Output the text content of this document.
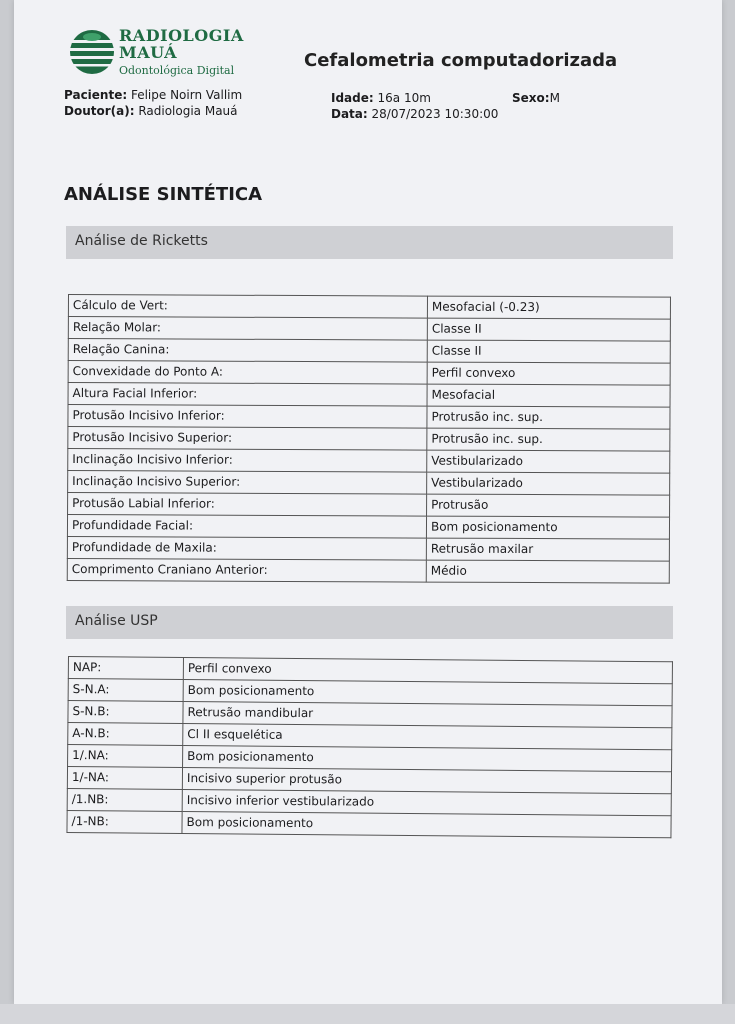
RADIOLOGIA
MAUÁ
Odontológica Digital	Cefalometria computadorizada
Paciente: Felipe Noirn Vallim
Doutor(a): Radiologia Mauá
Idade: 16a 10m
Data: 28/07/2023 10:30:00
Sexo:M
ANÁLISE SINTÉTICA
Análise de Ricketts
Cálculo de Vert:	Mesofacial (-0.23)
Relação Molar:	Classe II
Relação Canina:	Classe II
Convexidade do Ponto A:	Perfil convexo
Altura Facial Inferior:	Mesofacial
Protusão Incisivo Inferior:	Protrusão inc. sup.
Protusão Incisivo Superior:	Protrusão inc. sup.
Inclinação Incisivo Inferior:	Vestibularizado
Inclinação Incisivo Superior:	Vestibularizado
Protusão Labial Inferior:	Protrusão
Profundidade Facial:	Bom posicionamento
Profundidade de Maxila:	Retrusão maxilar
Comprimento Craniano Anterior:	Médio
Análise USP
NAP:	Perfil convexo
S-N.A:	Bom posicionamento
S-N.B:	Retrusão mandibular
A-N.B:	Cl II esquelética
1/.NA:	Bom posicionamento
1/-NA:	Incisivo superior protusão
/1.NB:	Incisivo inferior vestibularizado
/1-NB:	Bom posicionamento
